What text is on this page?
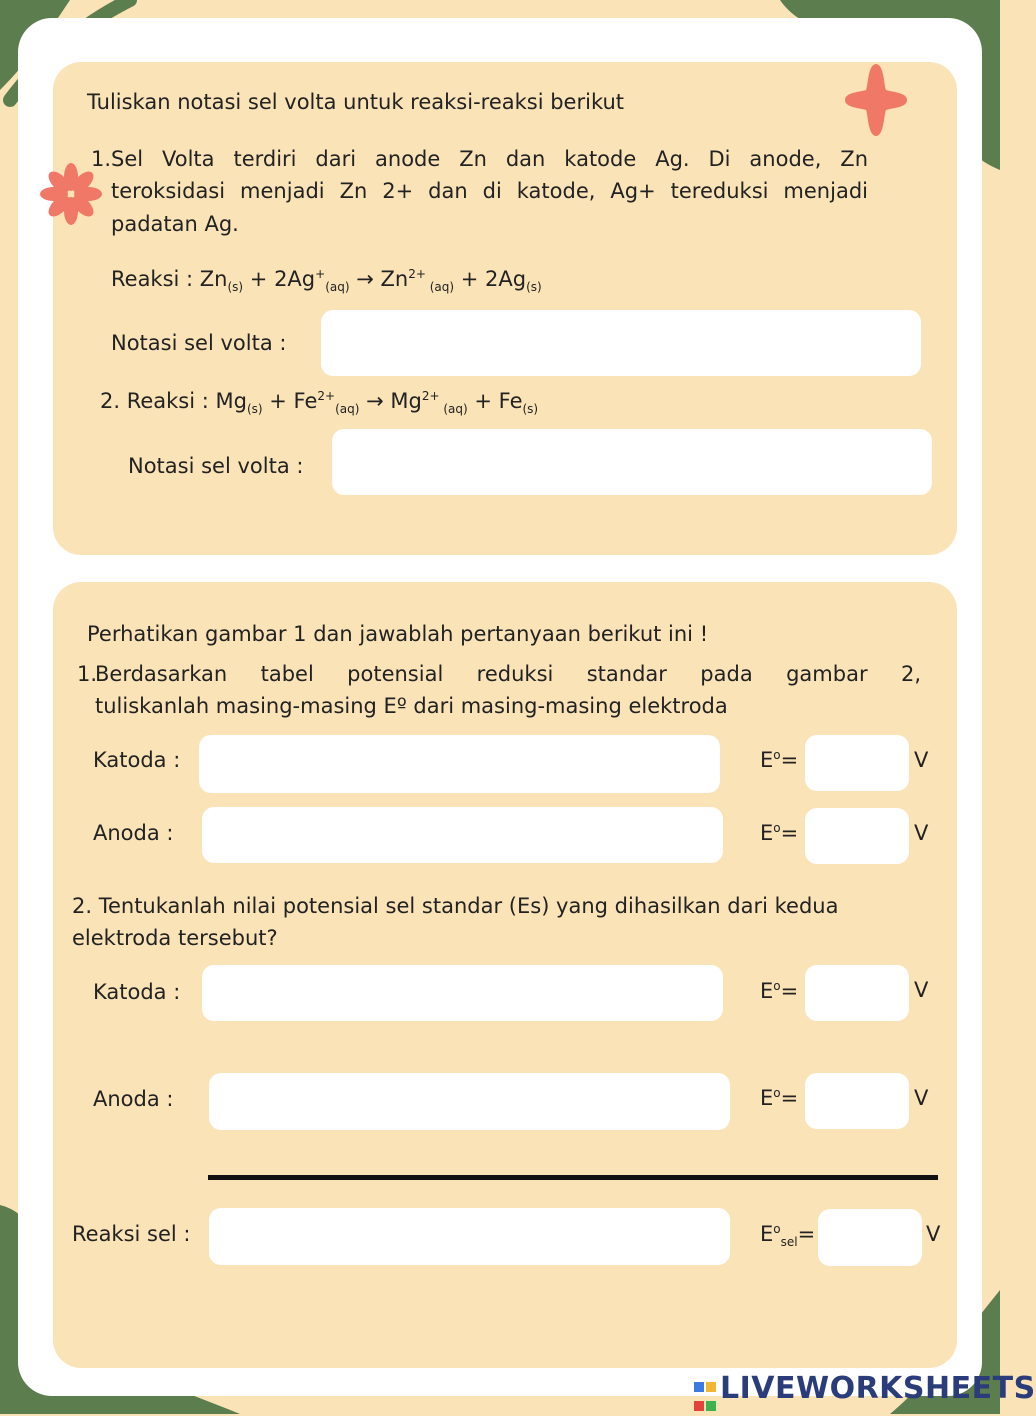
Tuliskan notasi sel volta untuk reaksi-reaksi berikut
1. Sel Volta terdiri dari anode Zn dan katode Ag. Di anode, Zn
teroksidasi menjadi Zn 2+ dan di katode, Ag+ tereduksi menjadi
padatan Ag.
Reaksi : $Zn_{(s)} + 2Ag^+_{(aq)} \to Zn^{2+}$ $_{(aq)} + 2Ag_{(s)}$
Notasi sel volta :
2. Reaksi : $Mg_{(s)} + Fe^{2+}_{(aq)} \to Mg^{2+}$ $_{(aq)} + Fe_{(s)}$
Notasi sel volta :
Perhatikan gambar 1 dan jawablah pertanyaan berikut ini !
1.
Berdasarkan tabel potensial reduksi standar pada gambar 2,
tuliskanlah masing-masing Eº dari masing-masing elektroda
Katoda :	$E^o=$	V
Anoda :	$E^o=$	V
2. Tentukanlah nilai potensial sel standar (Es) yang dihasilkan dari kedua
elektroda tersebut?
Katoda :	$E^o=$	V
Anoda :	$E^o=$	V
Reaksi sel :	$E^o_{sel}=$	V

LIVEWORKSHEETS
